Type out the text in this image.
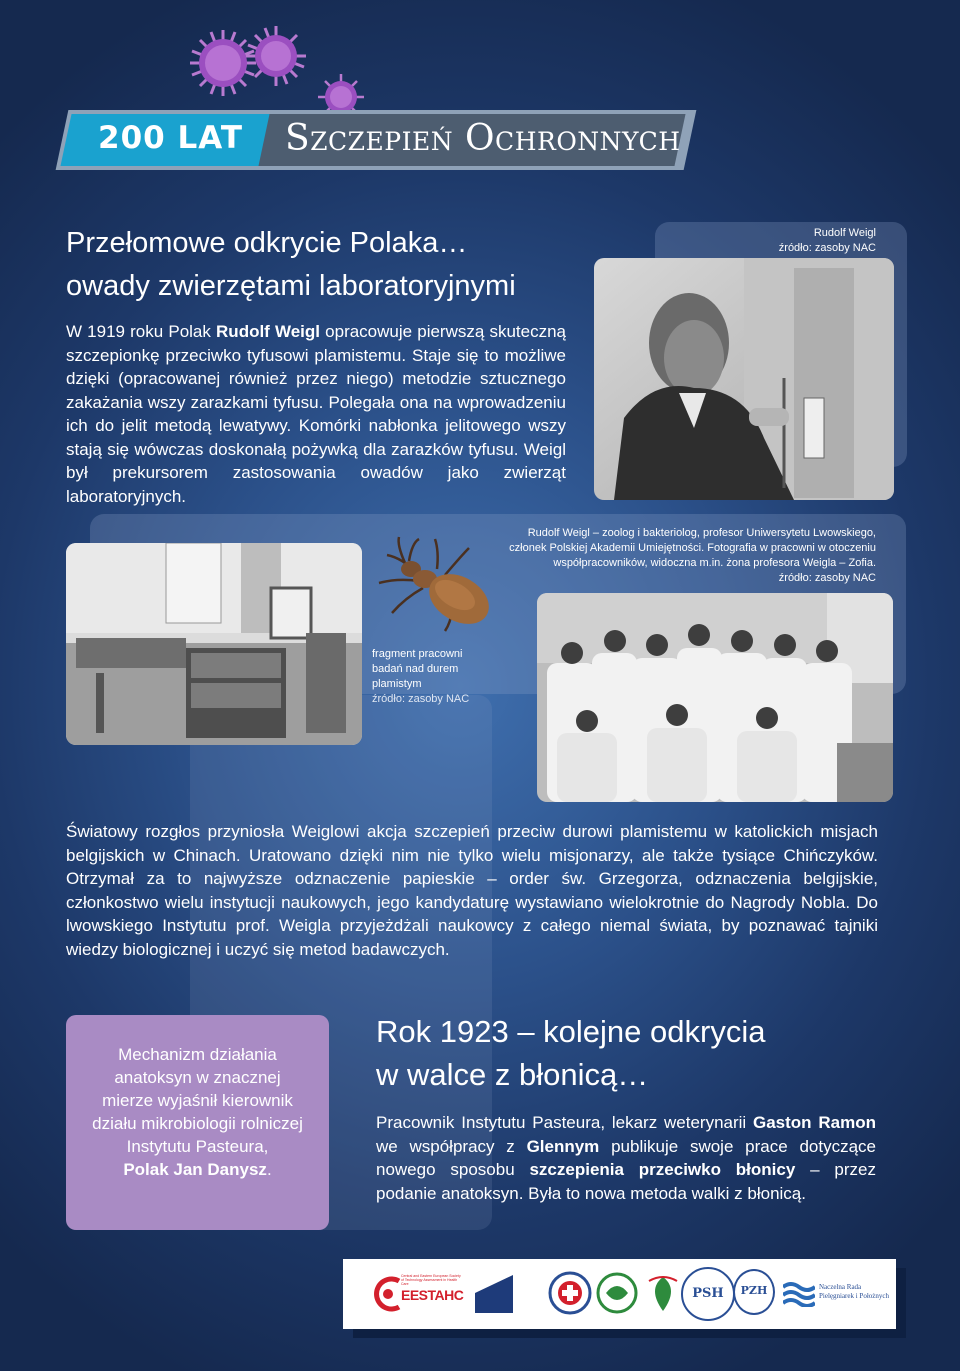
200 LAT Szczepień Ochronnych
Przełomowe odkrycie Polaka…
owady zwierzętami laboratoryjnymi
W 1919 roku Polak Rudolf Weigl opracowuje pierwszą skuteczną szczepionkę przeciwko tyfusowi plamistemu. Staje się to możliwe dzięki (opracowanej również przez niego) metodzie sztucznego zakażania wszy zarazkami tyfusu. Polegała ona na wprowadzeniu ich do jelit metodą lewatywy. Komórki nabłonka jelitowego wszy stają się wówczas doskonałą pożywką dla zarazków tyfusu. Weigl był prekursorem zastosowania owadów jako zwierząt laboratoryjnych.
Rudolf Weigl
źródło: zasoby NAC
Rudolf Weigl – zoolog i bakteriolog, profesor Uniwersytetu Lwowskiego,
członek Polskiej Akademii Umiejętności. Fotografia w pracowni w otoczeniu
współpracowników, widoczna m.in. żona profesora Weigla – Zofia.
źródło: zasoby NAC
fragment pracowni
badań nad durem
plamistym
źródło: zasoby NAC
Światowy rozgłos przyniosła Weiglowi akcja szczepień przeciw durowi plamistemu w katolickich misjach belgijskich w Chinach. Uratowano dzięki nim nie tylko wielu misjonarzy, ale także tysiące Chińczyków. Otrzymał za to najwyższe odznaczenie papieskie – order św. Grzegorza, odznaczenia belgijskie, członkostwo wielu instytucji naukowych, jego kandydaturę wystawiano wielokrotnie do Nagrody Nobla. Do lwowskiego Instytutu prof. Weigla przyjeżdżali naukowcy z całego niemal świata, by poznawać tajniki wiedzy biologicznej i uczyć się metod badawczych.
Mechanizm działania
anatoksyn w znacznej
mierze wyjaśnił kierownik
działu mikrobiologii rolniczej
Instytutu Pasteura,
Polak Jan Danysz.
Rok 1923 – kolejne odkrycia
w walce z błonicą…
Pracownik Instytutu Pasteura, lekarz weterynarii Gaston Ramon we współpracy z Glennym publikuje swoje prace dotyczące nowego sposobu szczepienia przeciwko błonicy – przez podanie anatoksyn. Była to nowa metoda walki z błonicą.
Central and Eastern European Society of Technology Assessment in Health Care
EESTAHC	PSH	PZH	Naczelna Rada
Pielęgniarek i Położnych
